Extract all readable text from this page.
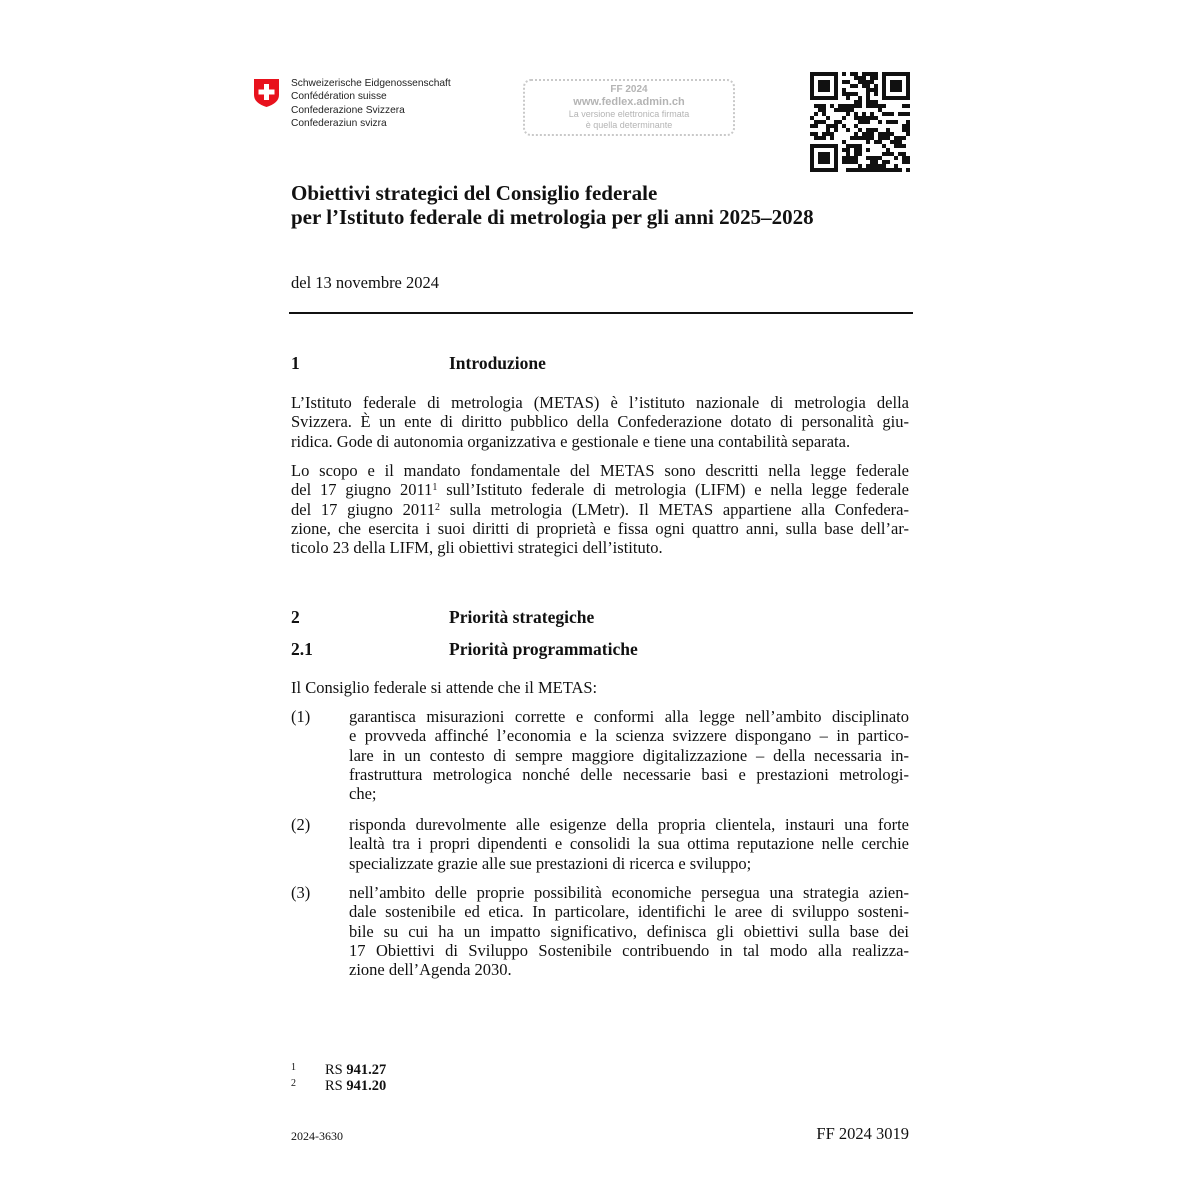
Schweizerische Eidgenossenschaft
Confédération suisse
Confederazione Svizzera
Confederaziun svizra
FF 2024
www.fedlex.admin.ch
La versione elettronica firmata
è quella determinante
Obiettivi strategici del Consiglio federale
per l’Istituto federale di metrologia per gli anni 2025–2028
del 13 novembre 2024
1	Introduzione
L’Istituto federale di metrologia (METAS) è l’istituto nazionale di metrologia della
Svizzera. È un ente di diritto pubblico della Confederazione dotato di personalità giu-
ridica. Gode di autonomia organizzativa e gestionale e tiene una contabilità separata.
Lo scopo e il mandato fondamentale del METAS sono descritti nella legge federale
del 17 giugno 2011$^1$ sull’Istituto federale di metrologia (LIFM) e nella legge federale
del 17 giugno 2011$^2$ sulla metrologia (LMetr). Il METAS appartiene alla Confedera-
zione, che esercita i suoi diritti di proprietà e fissa ogni quattro anni, sulla base dell’ar-
ticolo 23 della LIFM, gli obiettivi strategici dell’istituto.
2	Priorità strategiche
2.1	Priorità programmatiche
Il Consiglio federale si attende che il METAS:
(1) garantisca misurazioni corrette e conformi alla legge nell’ambito disciplinato
e provveda affinché l’economia e la scienza svizzere dispongano – in partico-
lare in un contesto di sempre maggiore digitalizzazione – della necessaria in-
frastruttura metrologica nonché delle necessarie basi e prestazioni metrologi-
che;
(2) risponda durevolmente alle esigenze della propria clientela, instauri una forte
lealtà tra i propri dipendenti e consolidi la sua ottima reputazione nelle cerchie
specializzate grazie alle sue prestazioni di ricerca e sviluppo;
(3) nell’ambito delle proprie possibilità economiche persegua una strategia azien-
dale sostenibile ed etica. In particolare, identifichi le aree di sviluppo sosteni-
bile su cui ha un impatto significativo, definisca gli obiettivi sulla base dei
17 Obiettivi di Sviluppo Sostenibile contribuendo in tal modo alla realizza-
zione dell’Agenda 2030.
1 RS 941.27
2 RS 941.20
2024-3630	FF 2024 3019
